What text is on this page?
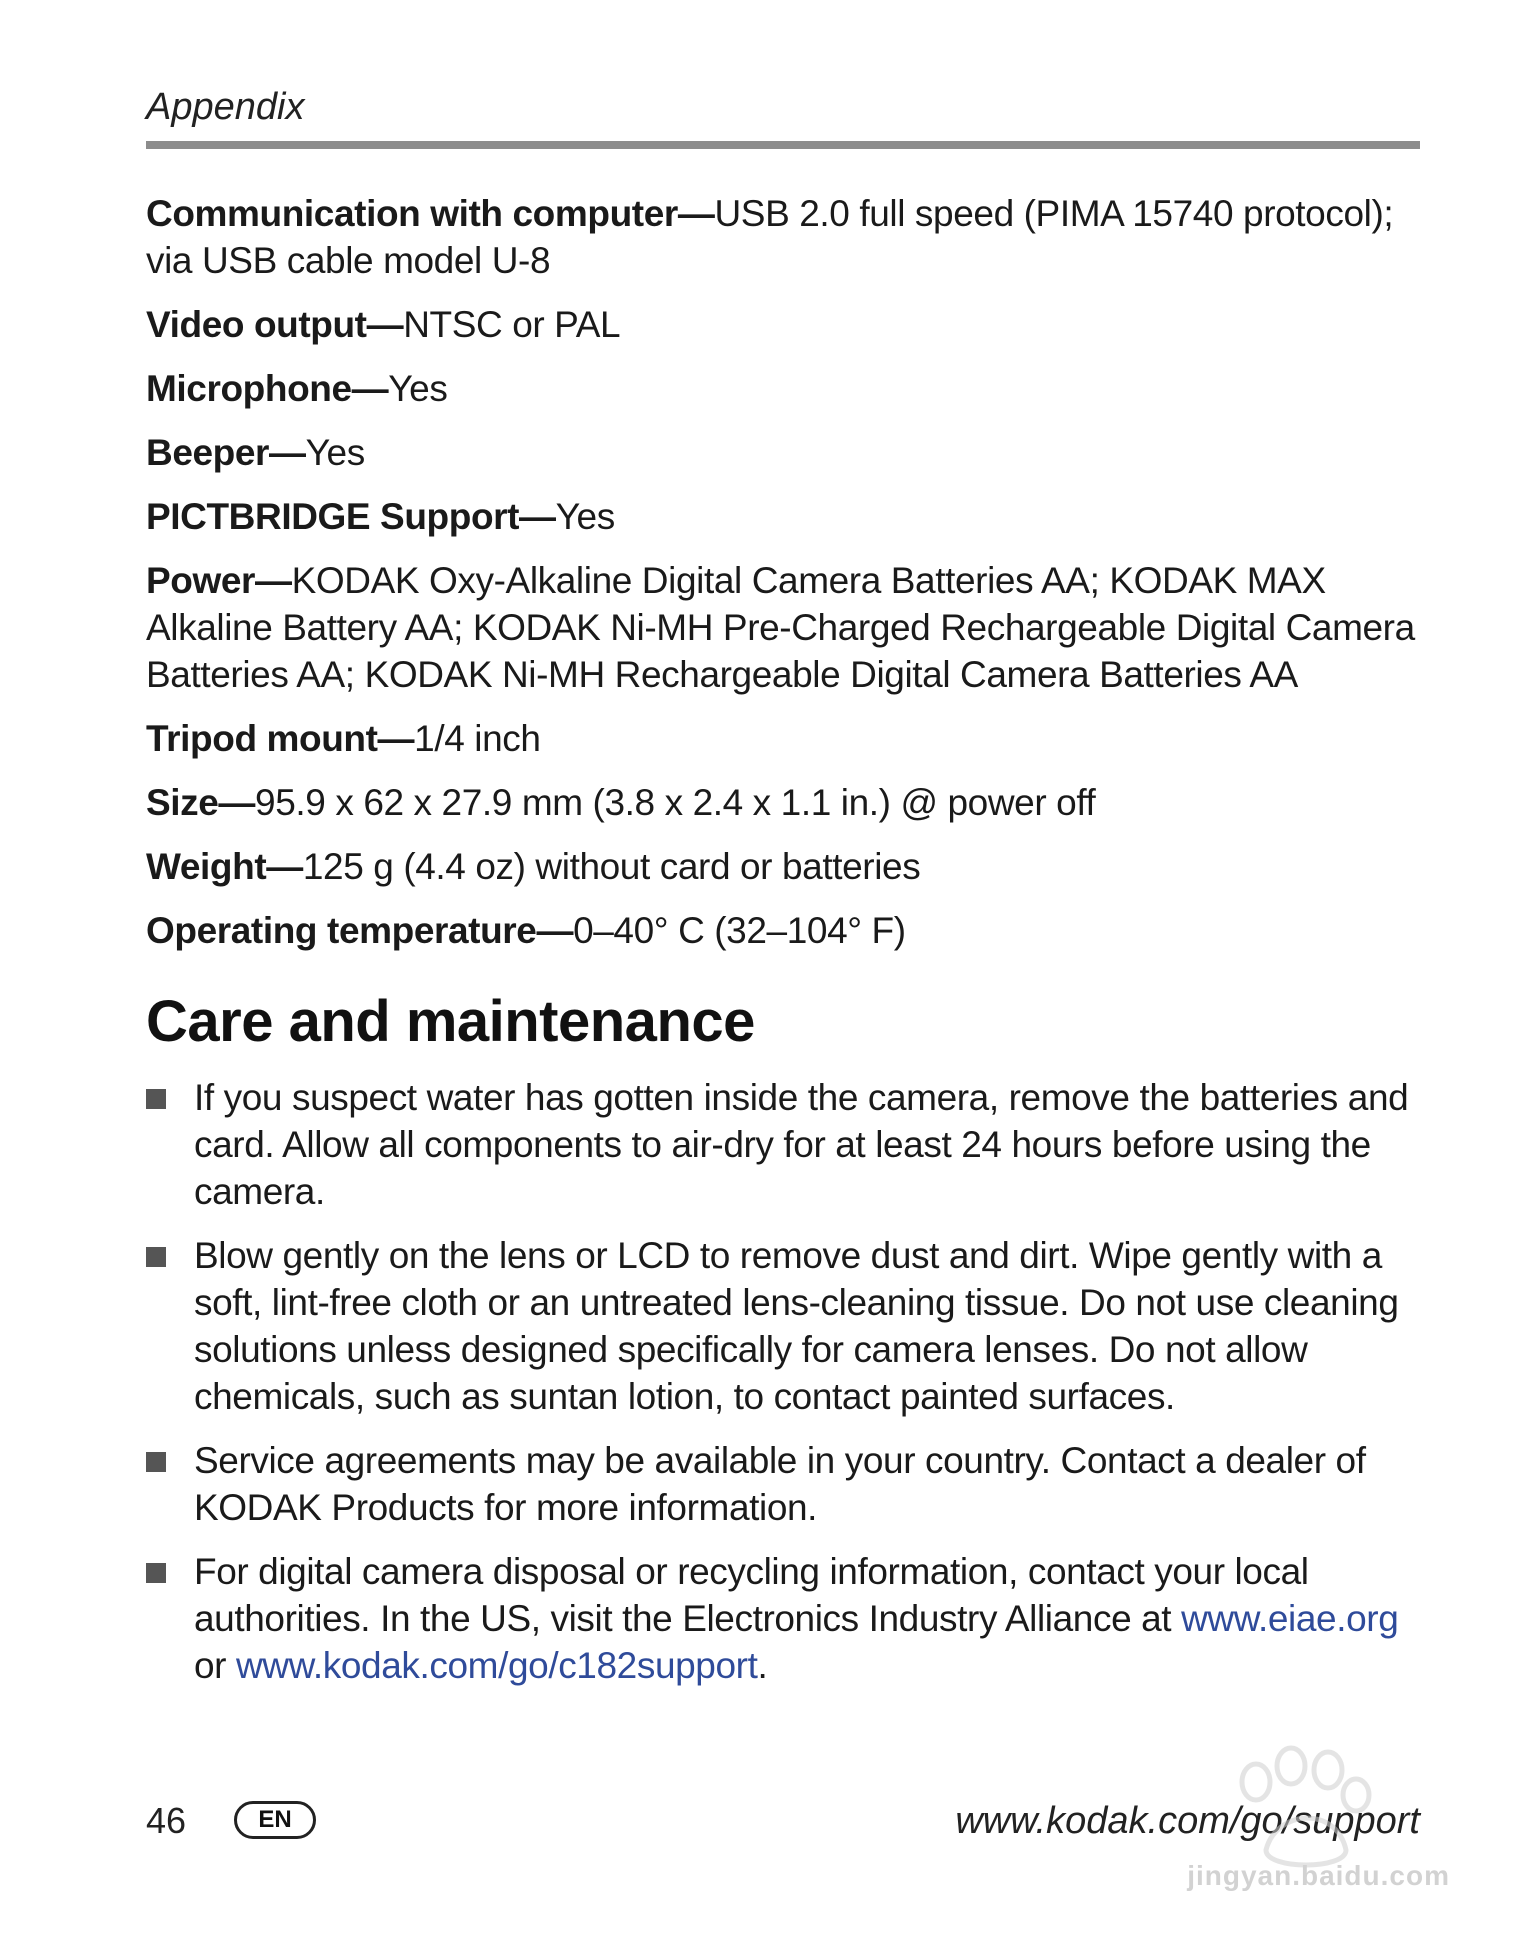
Appendix

Communication with computer—USB 2.0 full speed (PIMA 15740 protocol); via USB cable model U-8

Video output—NTSC or PAL

Microphone—Yes

Beeper—Yes

PICTBRIDGE Support—Yes

Power—KODAK Oxy-Alkaline Digital Camera Batteries AA; KODAK MAX Alkaline Battery AA; KODAK Ni-MH Pre-Charged Rechargeable Digital Camera Batteries AA; KODAK Ni-MH Rechargeable Digital Camera Batteries AA

Tripod mount—1/4 inch

Size—95.9 x 62 x 27.9 mm (3.8 x 2.4 x 1.1 in.) @ power off

Weight—125 g (4.4 oz) without card or batteries

Operating temperature—0–40° C (32–104° F)

Care and maintenance

If you suspect water has gotten inside the camera, remove the batteries and card. Allow all components to air-dry for at least 24 hours before using the camera.

Blow gently on the lens or LCD to remove dust and dirt. Wipe gently with a soft, lint-free cloth or an untreated lens-cleaning tissue. Do not use cleaning solutions unless designed specifically for camera lenses. Do not allow chemicals, such as suntan lotion, to contact painted surfaces.

Service agreements may be available in your country. Contact a dealer of KODAK Products for more information.

For digital camera disposal or recycling information, contact your local authorities. In the US, visit the Electronics Industry Alliance at www.eiae.org or www.kodak.com/go/c182support.

46	EN	www.kodak.com/go/support
jingyan.baidu.com
